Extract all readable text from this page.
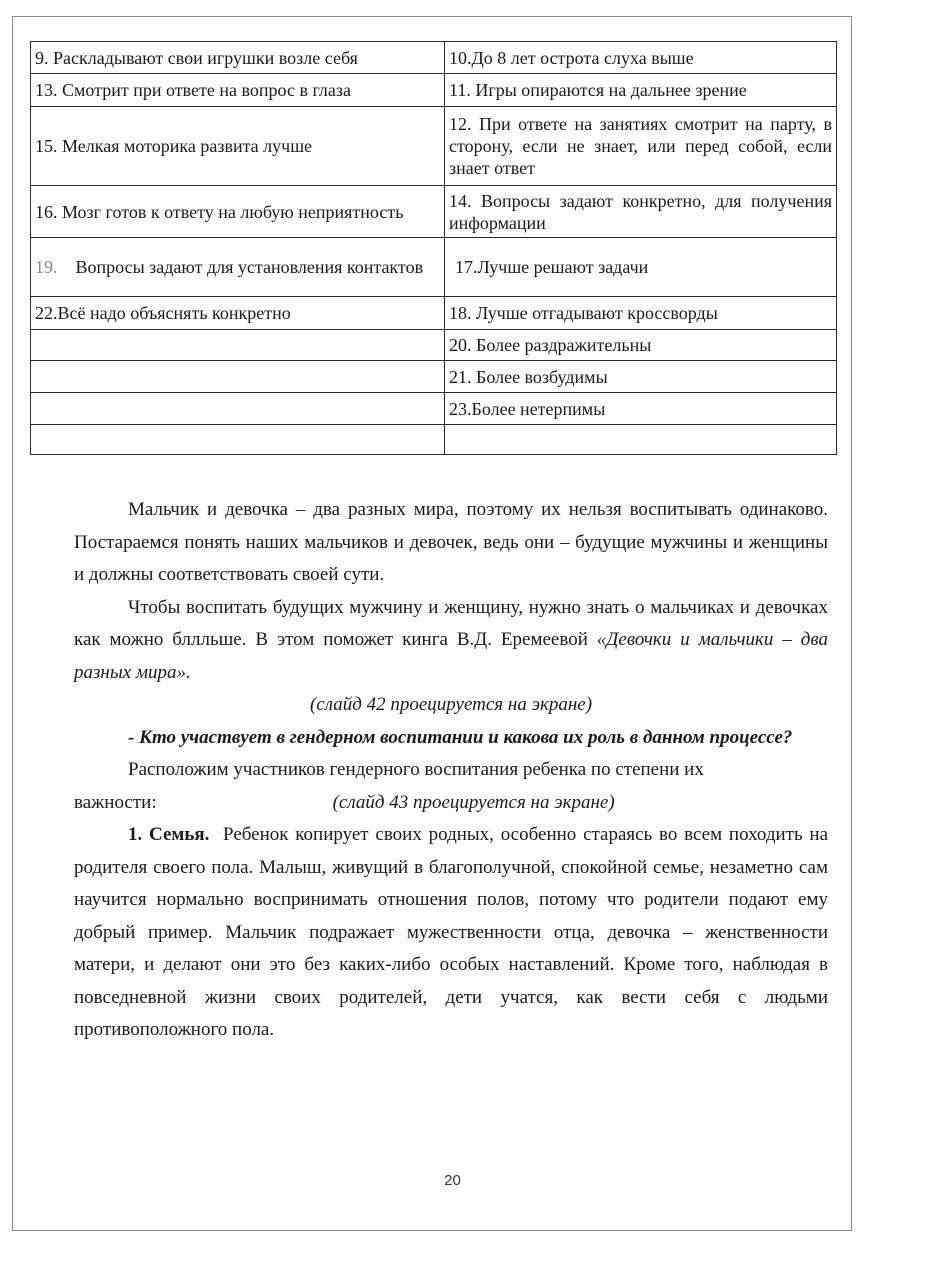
9. Раскладывают свои игрушки возле себя	10.До 8 лет острота слуха выше
13. Смотрит при ответе на вопрос в глаза	11. Игры опираются на дальнее зрение
15. Мелкая моторика развита лучше	12. При ответе на занятиях смотрит на парту, в сторону, если не знает, или перед собой, если знает ответ
16. Мозг готов к ответу на любую неприятность	14. Вопросы задают конкретно, для получения информации
19. Вопросы задают для установления контактов	17.Лучше решают задачи
22.Всё надо объяснять конкретно	18. Лучше отгадывают кроссворды
	20. Более раздражительны
	21. Более возбудимы
	23.Более нетерпимы

Мальчик и девочка – два разных мира, поэтому их нельзя воспитывать одинаково. Постараемся понять наших мальчиков и девочек, ведь они – будущие мужчины и женщины и должны соответствовать своей сути.

Чтобы воспитать будущих мужчину и женщину, нужно знать о мальчиках и девочках как можно бллльше. В этом поможет кинга В.Д. Еремеевой «Девочки и мальчики – два разных мира».

(слайд 42 проецируется на экране)

- Кто участвует в гендерном воспитании и какова их роль в данном процессе?

Расположим участников гендерного воспитания ребенка по степени их

важности:	(слайд 43 проецируется на экране)

1. Семья. Ребенок копирует своих родных, особенно стараясь во всем походить на родителя своего пола. Малыш, живущий в благополучной, спокойной семье, незаметно сам научится нормально воспринимать отношения полов, потому что родители подают ему добрый пример. Мальчик подражает мужественности отца, девочка – женственности матери, и делают они это без каких-либо особых наставлений. Кроме того, наблюдая в повседневной жизни своих родителей, дети учатся, как вести себя с людьми противоположного пола.

20
